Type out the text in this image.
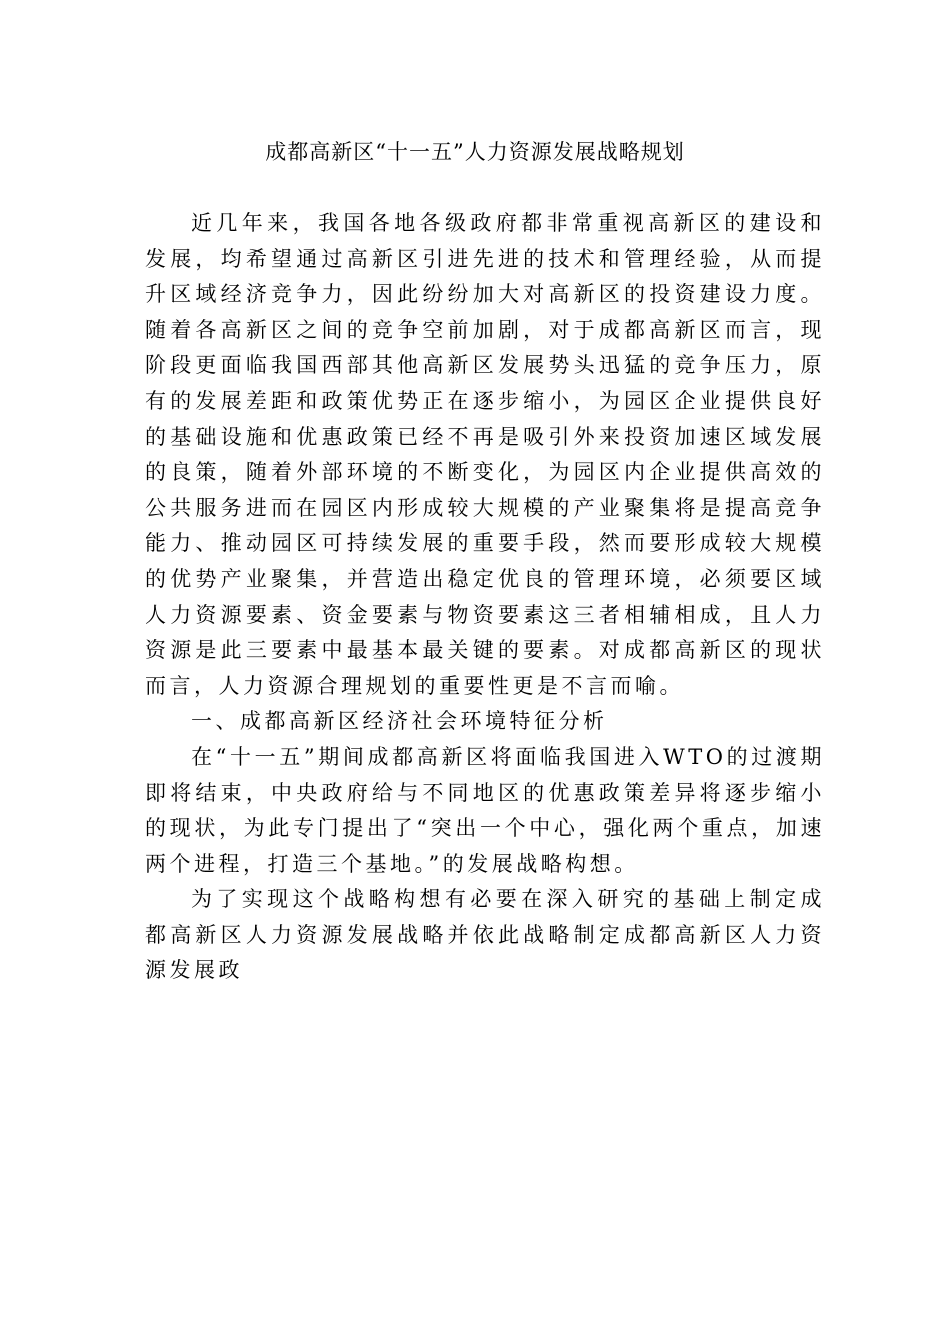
成都高新区“十一五”人力资源发展战略规划

近几年来，我国各地各级政府都非常重视高新区的建设和发展，均希望通过高新区引进先进的技术和管理经验，从而提升区域经济竞争力，因此纷纷加大对高新区的投资建设力度。随着各高新区之间的竞争空前加剧，对于成都高新区而言，现阶段更面临我国西部其他高新区发展势头迅猛的竞争压力，原有的发展差距和政策优势正在逐步缩小，为园区企业提供良好的基础设施和优惠政策已经不再是吸引外来投资加速区域发展的良策，随着外部环境的不断变化，为园区内企业提供高效的公共服务进而在园区内形成较大规模的产业聚集将是提高竞争能力、推动园区可持续发展的重要手段，然而要形成较大规模的优势产业聚集，并营造出稳定优良的管理环境，必须要区域人力资源要素、资金要素与物资要素这三者相辅相成，且人力资源是此三要素中最基本最关键的要素。对成都高新区的现状而言，人力资源合理规划的重要性更是不言而喻。

一、成都高新区经济社会环境特征分析

在“十一五”期间成都高新区将面临我国进入WTO的过渡期即将结束，中央政府给与不同地区的优惠政策差异将逐步缩小的现状，为此专门提出了“突出一个中心，强化两个重点，加速两个进程，打造三个基地。”的发展战略构想。

为了实现这个战略构想有必要在深入研究的基础上制定成都高新区人力资源发展战略并依此战略制定成都高新区人力资源发展政
